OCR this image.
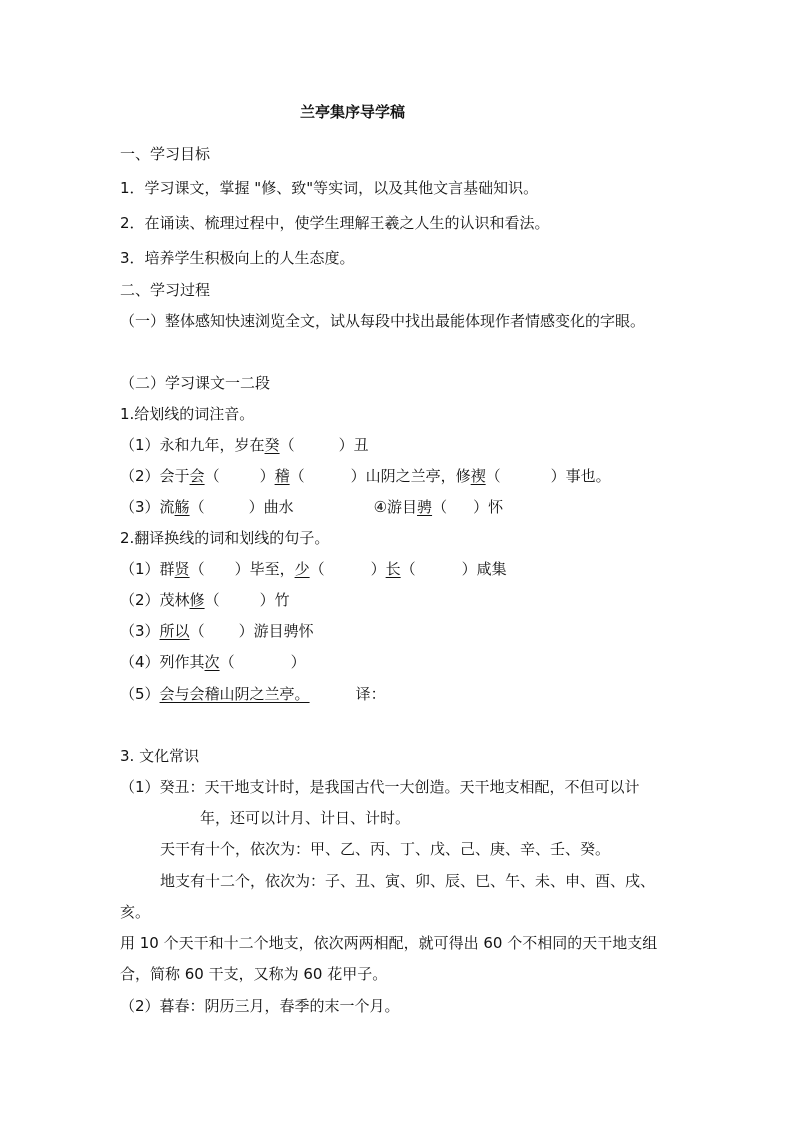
兰亭集序导学稿
一、学习目标
1．学习课文，掌握 "修、致"等实词，以及其他文言基础知识。
2．在诵读、梳理过程中，使学生理解王羲之人生的认识和看法。
3．培养学生积极向上的人生态度。
二、学习过程
（一）整体感知快速浏览全文，试从每段中找出最能体现作者情感变化的字眼。
（二）学习课文一二段
1.给划线的词注音。
（1）永和九年，岁在癸（	）丑
（2）会于会（	）稽（	）山阴之兰亭，修禊（	）事也。
（3）流觞（	）曲水	④游目骋（ ）怀
2.翻译换线的词和划线的句子。
（1）群贤（ ）毕至，少（	）长（	）咸集
（2）茂林修（	）竹
（3）所以（ ）游目骋怀
（4）列作其次（	）
（5）会与会稽山阴之兰亭。	译：
3. 文化常识
（1）癸丑：天干地支计时，是我国古代一大创造。天干地支相配，不但可以计
年，还可以计月、计日、计时。
天干有十个，依次为：甲、乙、丙、丁、戊、己、庚、辛、壬、癸。
地支有十二个，依次为：子、丑、寅、卯、辰、巳、午、未、申、酉、戌、
亥。
用 10 个天干和十二个地支，依次两两相配，就可得出 60 个不相同的天干地支组
合，简称 60 干支，又称为 60 花甲子。
（2）暮春：阴历三月，春季的末一个月。
